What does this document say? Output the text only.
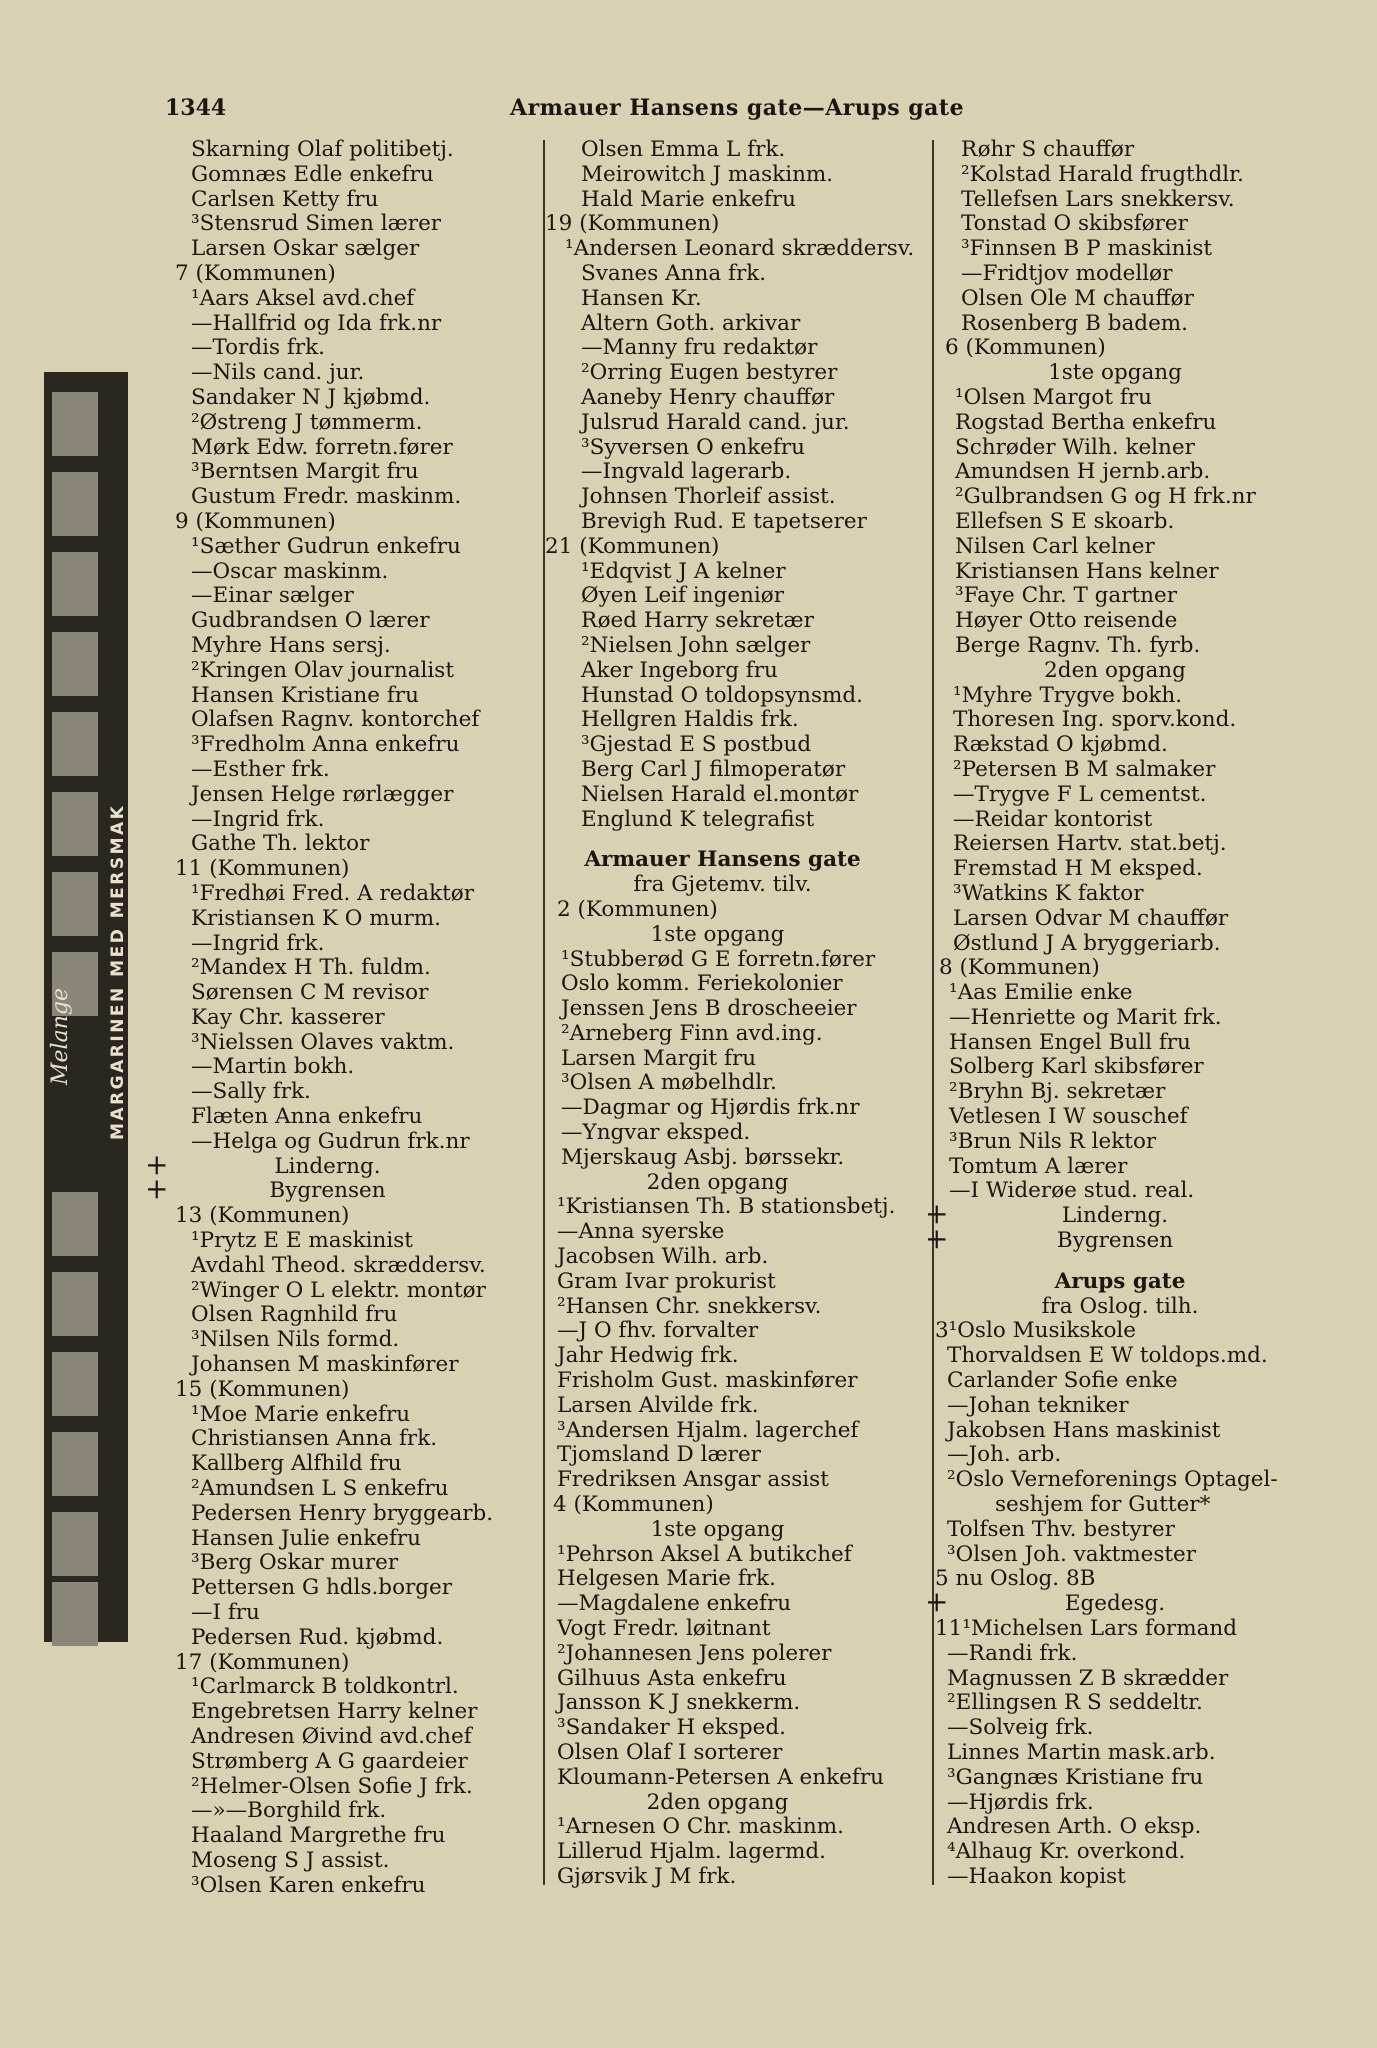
1344	Armauer Hansens gate—Arups gate
Melange	MARGARINEN MED MERSMAK
Skarning Olaf politibetj.
Gomnæs Edle enkefru
Carlsen Ketty fru
³Stensrud Simen lærer
Larsen Oskar sælger
7 (Kommunen)
¹Aars Aksel avd.chef
—Hallfrid og Ida frk.nr
—Tordis frk.
—Nils cand. jur.
Sandaker N J kjøbmd.
²Østreng J tømmerm.
Mørk Edw. forretn.fører
³Berntsen Margit fru
Gustum Fredr. maskinm.
9 (Kommunen)
¹Sæther Gudrun enkefru
—Oscar maskinm.
—Einar sælger
Gudbrandsen O lærer
Myhre Hans sersj.
²Kringen Olav journalist
Hansen Kristiane fru
Olafsen Ragnv. kontorchef
³Fredholm Anna enkefru
—Esther frk.
Jensen Helge rørlægger
—Ingrid frk.
Gathe Th. lektor
11 (Kommunen)
¹Fredhøi Fred. A redaktør
Kristiansen K O murm.
—Ingrid frk.
²Mandex H Th. fuldm.
Sørensen C M revisor
Kay Chr. kasserer
³Nielssen Olaves vaktm.
—Martin bokh.
—Sally frk.
Flæten Anna enkefru
—Helga og Gudrun frk.nr
+ Linderng.
+ Bygrensen
13 (Kommunen)
¹Prytz E E maskinist
Avdahl Theod. skræddersv.
²Winger O L elektr. montør
Olsen Ragnhild fru
³Nilsen Nils formd.
Johansen M maskinfører
15 (Kommunen)
¹Moe Marie enkefru
Christiansen Anna frk.
Kallberg Alfhild fru
²Amundsen L S enkefru
Pedersen Henry bryggearb.
Hansen Julie enkefru
³Berg Oskar murer
Pettersen G hdls.borger
—I fru
Pedersen Rud. kjøbmd.
17 (Kommunen)
¹Carlmarck B toldkontrl.
Engebretsen Harry kelner
Andresen Øivind avd.chef
Strømberg A G gaardeier
²Helmer-Olsen Sofie J frk.
—»—Borghild frk.
Haaland Margrethe fru
Moseng S J assist.
³Olsen Karen enkefru
Olsen Emma L frk.
Meirowitch J maskinm.
Hald Marie enkefru
19 (Kommunen)
¹Andersen Leonard skræddersv.
Svanes Anna frk.
Hansen Kr.
Altern Goth. arkivar
—Manny fru redaktør
²Orring Eugen bestyrer
Aaneby Henry chauffør
Julsrud Harald cand. jur.
³Syversen O enkefru
—Ingvald lagerarb.
Johnsen Thorleif assist.
Brevigh Rud. E tapetserer
21 (Kommunen)
¹Edqvist J A kelner
Øyen Leif ingeniør
Røed Harry sekretær
²Nielsen John sælger
Aker Ingeborg fru
Hunstad O toldopsynsmd.
Hellgren Haldis frk.
³Gjestad E S postbud
Berg Carl J filmoperatør
Nielsen Harald el.montør
Englund K telegrafist
Armauer Hansens gate
fra Gjetemv. tilv.
2 (Kommunen)
1ste opgang
¹Stubberød G E forretn.fører
Oslo komm. Feriekolonier
Jenssen Jens B droscheeier
²Arneberg Finn avd.ing.
Larsen Margit fru
³Olsen A møbelhdlr.
—Dagmar og Hjørdis frk.nr
—Yngvar eksped.
Mjerskaug Asbj. børssekr.
2den opgang
¹Kristiansen Th. B stationsbetj.
—Anna syerske
Jacobsen Wilh. arb.
Gram Ivar prokurist
²Hansen Chr. snekkersv.
—J O fhv. forvalter
Jahr Hedwig frk.
Frisholm Gust. maskinfører
Larsen Alvilde frk.
³Andersen Hjalm. lagerchef
Tjomsland D lærer
Fredriksen Ansgar assist
4 (Kommunen)
1ste opgang
¹Pehrson Aksel A butikchef
Helgesen Marie frk.
—Magdalene enkefru
Vogt Fredr. løitnant
²Johannesen Jens polerer
Gilhuus Asta enkefru
Jansson K J snekkerm.
³Sandaker H eksped.
Olsen Olaf I sorterer
Kloumann-Petersen A enkefru
2den opgang
¹Arnesen O Chr. maskinm.
Lillerud Hjalm. lagermd.
Gjørsvik J M frk.
Røhr S chauffør
²Kolstad Harald frugthdlr.
Tellefsen Lars snekkersv.
Tonstad O skibsfører
³Finnsen B P maskinist
—Fridtjov modellør
Olsen Ole M chauffør
Rosenberg B badem.
6 (Kommunen)
1ste opgang
¹Olsen Margot fru
Rogstad Bertha enkefru
Schrøder Wilh. kelner
Amundsen H jernb.arb.
²Gulbrandsen G og H frk.nr
Ellefsen S E skoarb.
Nilsen Carl kelner
Kristiansen Hans kelner
³Faye Chr. T gartner
Høyer Otto reisende
Berge Ragnv. Th. fyrb.
2den opgang
¹Myhre Trygve bokh.
Thoresen Ing. sporv.kond.
Rækstad O kjøbmd.
²Petersen B M salmaker
—Trygve F L cementst.
—Reidar kontorist
Reiersen Hartv. stat.betj.
Fremstad H M eksped.
³Watkins K faktor
Larsen Odvar M chauffør
Østlund J A bryggeriarb.
8 (Kommunen)
¹Aas Emilie enke
—Henriette og Marit frk.
Hansen Engel Bull fru
Solberg Karl skibsfører
²Bryhn Bj. sekretær
Vetlesen I W souschef
³Brun Nils R lektor
Tomtum A lærer
—I Widerøe stud. real.
+ Linderng.
+ Bygrensen
Arups gate
fra Oslog. tilh.
3¹Oslo Musikskole
Thorvaldsen E W toldops.md.
Carlander Sofie enke
—Johan tekniker
Jakobsen Hans maskinist
—Joh. arb.
²Oslo Verneforenings Optagel-
seshjem for Gutter*
Tolfsen Thv. bestyrer
³Olsen Joh. vaktmester
5 nu Oslog. 8B
+ Egedesg.
11¹Michelsen Lars formand
—Randi frk.
Magnussen Z B skrædder
²Ellingsen R S seddeltr.
—Solveig frk.
Linnes Martin mask.arb.
³Gangnæs Kristiane fru
—Hjørdis frk.
Andresen Arth. O eksp.
⁴Alhaug Kr. overkond.
—Haakon kopist
